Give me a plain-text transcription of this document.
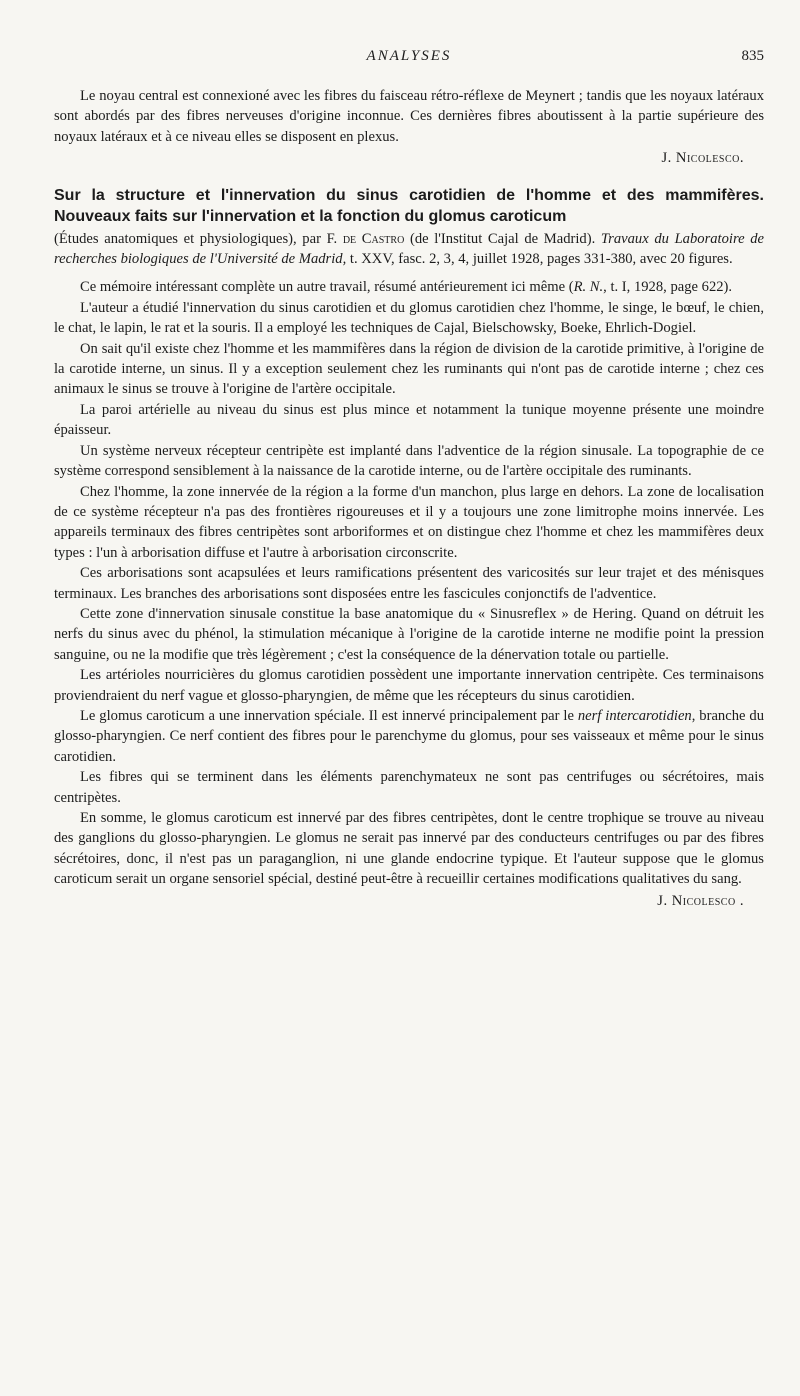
ANALYSES	835

Le noyau central est connexioné avec les fibres du faisceau rétro-réflexe de Meynert ; tandis que les noyaux latéraux sont abordés par des fibres nerveuses d'origine inconnue. Ces dernières fibres aboutissent à la partie supérieure des noyaux latéraux et à ce niveau elles se disposent en plexus.

J. Nicolesco.

Sur la structure et l'innervation du sinus carotidien de l'homme et des mammifères. Nouveaux faits sur l'innervation et la fonction du glomus caroticum

(Études anatomiques et physiologiques), par F. de Castro (de l'Institut Cajal de Madrid). Travaux du Laboratoire de recherches biologiques de l'Université de Madrid, t. XXV, fasc. 2, 3, 4, juillet 1928, pages 331-380, avec 20 figures.

Ce mémoire intéressant complète un autre travail, résumé antérieurement ici même (R. N., t. I, 1928, page 622).

L'auteur a étudié l'innervation du sinus carotidien et du glomus carotidien chez l'homme, le singe, le bœuf, le chien, le chat, le lapin, le rat et la souris. Il a employé les techniques de Cajal, Bielschowsky, Boeke, Ehrlich-Dogiel.

On sait qu'il existe chez l'homme et les mammifères dans la région de division de la carotide primitive, à l'origine de la carotide interne, un sinus. Il y a exception seulement chez les ruminants qui n'ont pas de carotide interne ; chez ces animaux le sinus se trouve à l'origine de l'artère occipitale.

La paroi artérielle au niveau du sinus est plus mince et notamment la tunique moyenne présente une moindre épaisseur.

Un système nerveux récepteur centripète est implanté dans l'adventice de la région sinusale. La topographie de ce système correspond sensiblement à la naissance de la carotide interne, ou de l'artère occipitale des ruminants.

Chez l'homme, la zone innervée de la région a la forme d'un manchon, plus large en dehors. La zone de localisation de ce système récepteur n'a pas des frontières rigoureuses et il y a toujours une zone limitrophe moins innervée. Les appareils terminaux des fibres centripètes sont arboriformes et on distingue chez l'homme et chez les mammifères deux types : l'un à arborisation diffuse et l'autre à arborisation circonscrite.

Ces arborisations sont acapsulées et leurs ramifications présentent des varicosités sur leur trajet et des ménisques terminaux. Les branches des arborisations sont disposées entre les fascicules conjonctifs de l'adventice.

Cette zone d'innervation sinusale constitue la base anatomique du « Sinusreflex » de Hering. Quand on détruit les nerfs du sinus avec du phénol, la stimulation mécanique à l'origine de la carotide interne ne modifie point la pression sanguine, ou ne la modifie que très légèrement ; c'est la conséquence de la dénervation totale ou partielle.

Les artérioles nourricières du glomus carotidien possèdent une importante innervation centripète. Ces terminaisons proviendraient du nerf vague et glosso-pharyngien, de même que les récepteurs du sinus carotidien.

Le glomus caroticum a une innervation spéciale. Il est innervé principalement par le nerf intercarotidien, branche du glosso-pharyngien. Ce nerf contient des fibres pour le parenchyme du glomus, pour ses vaisseaux et même pour le sinus carotidien.

Les fibres qui se terminent dans les éléments parenchymateux ne sont pas centrifuges ou sécrétoires, mais centripètes.

En somme, le glomus caroticum est innervé par des fibres centripètes, dont le centre trophique se trouve au niveau des ganglions du glosso-pharyngien. Le glomus ne serait pas innervé par des conducteurs centrifuges ou par des fibres sécrétoires, donc, il n'est pas un paraganglion, ni une glande endocrine typique. Et l'auteur suppose que le glomus caroticum serait un organe sensoriel spécial, destiné peut-être à recueillir certaines modifications qualitatives du sang.

J. Nicolesco .
